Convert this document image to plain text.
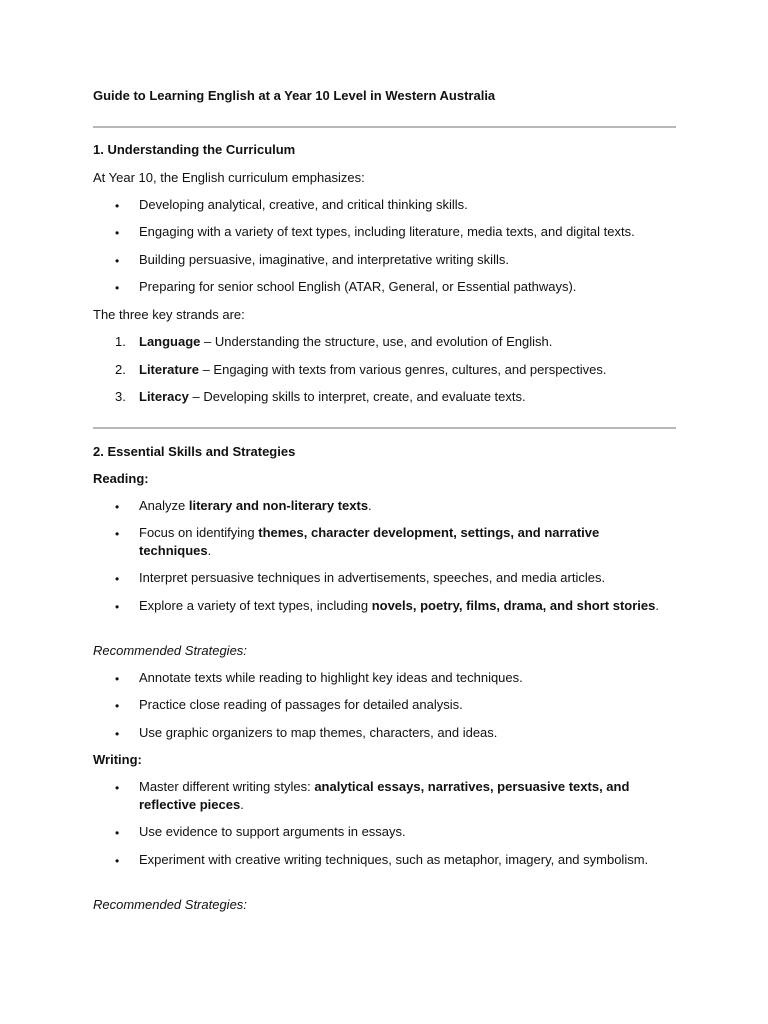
Guide to Learning English at a Year 10 Level in Western Australia
1. Understanding the Curriculum
At Year 10, the English curriculum emphasizes:
• Developing analytical, creative, and critical thinking skills.
• Engaging with a variety of text types, including literature, media texts, and digital texts.
• Building persuasive, imaginative, and interpretative writing skills.
• Preparing for senior school English (ATAR, General, or Essential pathways).
The three key strands are:
1. Language – Understanding the structure, use, and evolution of English.
2. Literature – Engaging with texts from various genres, cultures, and perspectives.
3. Literacy – Developing skills to interpret, create, and evaluate texts.
2. Essential Skills and Strategies
Reading:
• Analyze literary and non-literary texts.
• Focus on identifying themes, character development, settings, and narrative techniques.
• Interpret persuasive techniques in advertisements, speeches, and media articles.
• Explore a variety of text types, including novels, poetry, films, drama, and short stories.
Recommended Strategies:
• Annotate texts while reading to highlight key ideas and techniques.
• Practice close reading of passages for detailed analysis.
• Use graphic organizers to map themes, characters, and ideas.
Writing:
• Master different writing styles: analytical essays, narratives, persuasive texts, and reflective pieces.
• Use evidence to support arguments in essays.
• Experiment with creative writing techniques, such as metaphor, imagery, and symbolism.
Recommended Strategies:
